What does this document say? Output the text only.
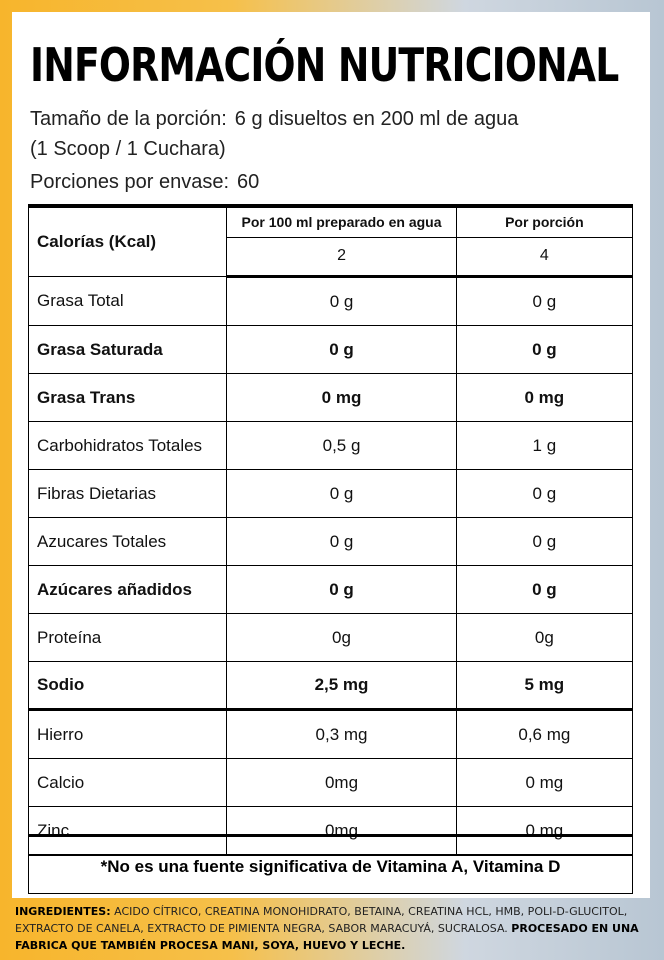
INFORMACIÓN NUTRICIONAL
Tamaño de la porción: 6 g disueltos en 200 ml de agua
(1 Scoop / 1 Cuchara)
Porciones por envase: 60
Calorías (Kcal)	Por 100 ml preparado en agua	Por porción
	2	4
Grasa Total	0 g	0 g
Grasa Saturada	0 g	0 g
Grasa Trans	0 mg	0 mg
Carbohidratos Totales	0,5 g	1 g
Fibras Dietarias	0 g	0 g
Azucares Totales	0 g	0 g
Azúcares añadidos	0 g	0 g
Proteína	0g	0g
Sodio	2,5 mg	5 mg
Hierro	0,3 mg	0,6 mg
Calcio	0mg	0 mg
Zinc	0mg	0 mg
*No es una fuente significativa de Vitamina A, Vitamina D
INGREDIENTES: ACIDO CÍTRICO, CREATINA MONOHIDRATO, BETAINA, CREATINA HCL, HMB, POLI-D-GLUCITOL, EXTRACTO DE CANELA, EXTRACTO DE PIMIENTA NEGRA, SABOR MARACUYÁ, SUCRALOSA. PROCESADO EN UNA FABRICA QUE TAMBIÉN PROCESA MANI, SOYA, HUEVO Y LECHE.
